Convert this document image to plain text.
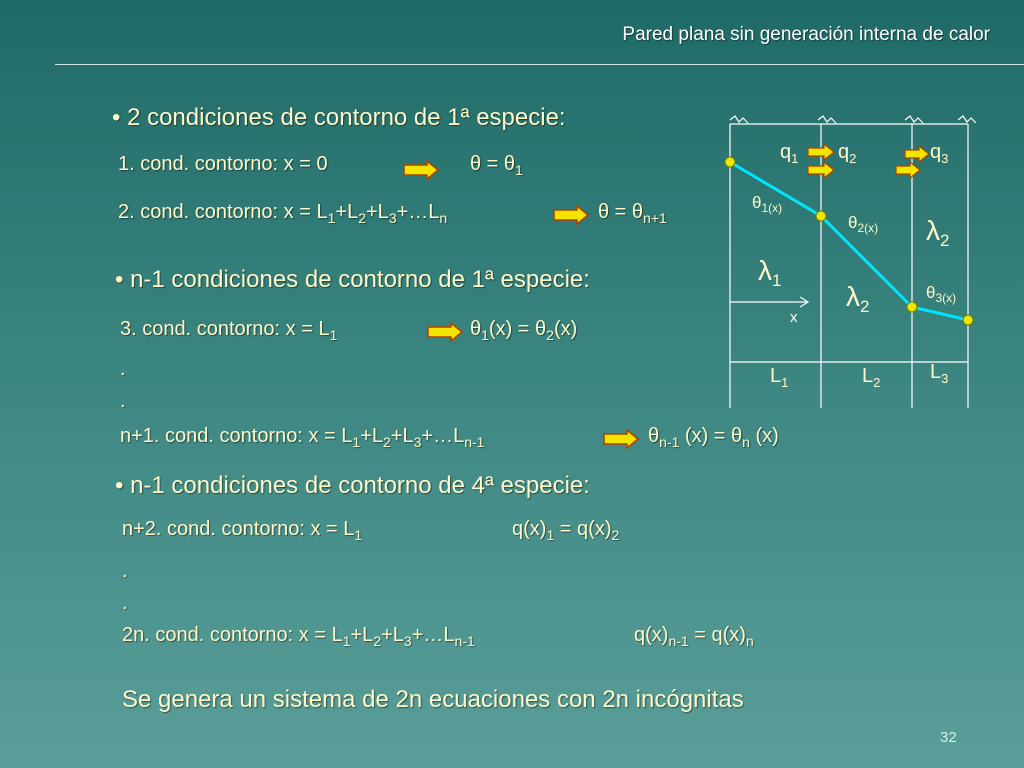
Pared plana sin generación interna de calor
• 2 condiciones de contorno de 1ª especie:
1. cond. contorno: x = 0	$\theta = \theta_1$
2. cond. contorno: $x = L_1+L_2+L_3+\dots L_n$	$\theta = \theta_{n+1}$
• n-1 condiciones de contorno de 1ª especie:
3. cond. contorno: $x = L_1$	$\theta_1(x) = \theta_2(x)$
.
.
n+1. cond. contorno: $x = L_1+L_2+L_3+\dots L_{n-1}$	$\theta_{n-1}$ $(x) = \theta_n$ (x)
• n-1 condiciones de contorno de 4ª especie:
n+2. cond. contorno: $x = L_1$	$q(x)_1 = q(x)_2$
.
.
2n. cond. contorno: $x = L_1+L_2+L_3+\dots L_{n-1}$	$q(x)_{n-1} = q(x)_n$
Se genera un sistema de 2n ecuaciones con 2n incógnitas
32
x
$q_1$ $q_2$	$q_3$
$\theta_{1(x)}$
$\theta_{2(x)}$
$\theta_{3(x)}$
$\lambda_1$
$\lambda_2$
$\lambda_2$
$L_1$	$L_2$ $L_3$
